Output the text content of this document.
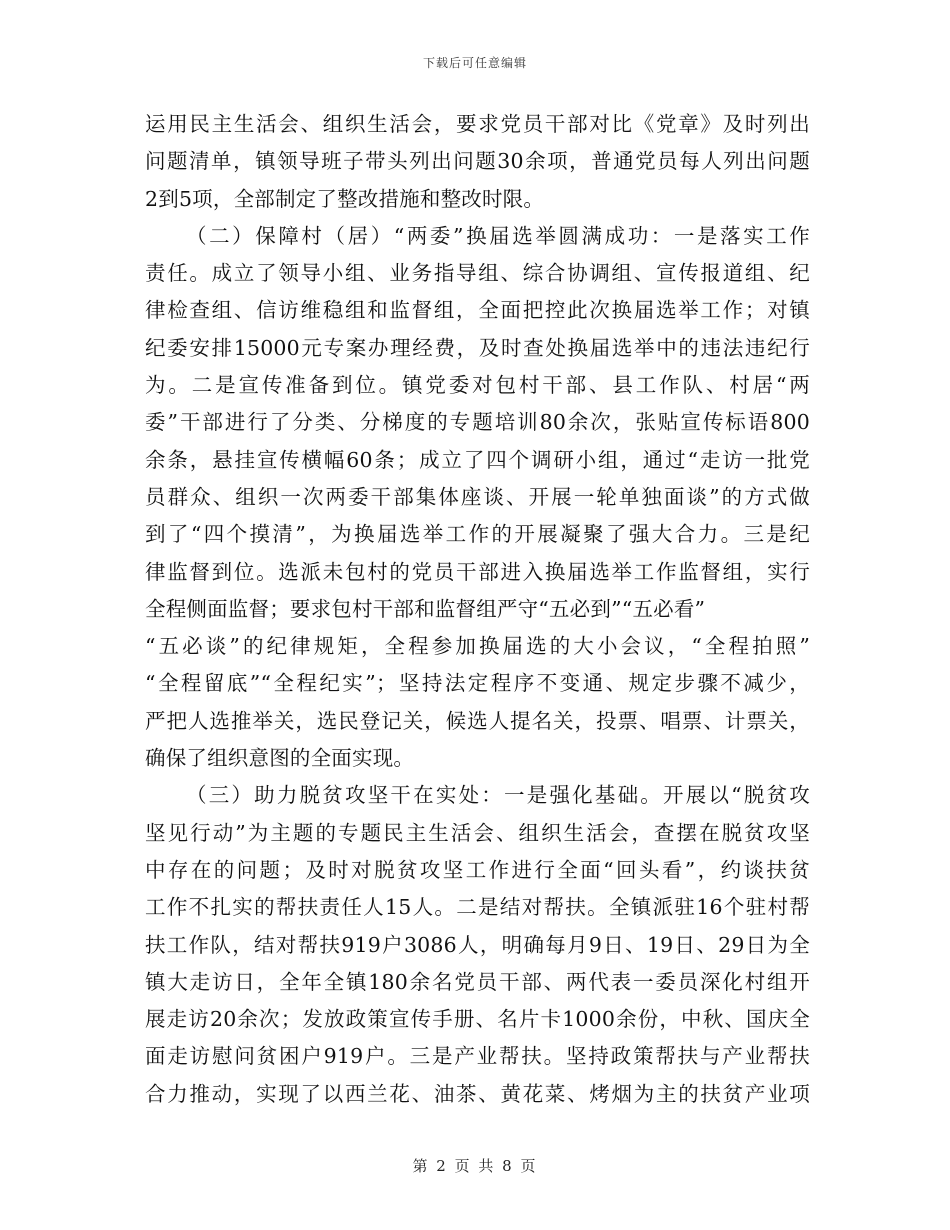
下载后可任意编辑
运用民主生活会、组织生活会，要求党员干部对比《党章》及时列出
问题清单，镇领导班子带头列出问题30余项，普通党员每人列出问题
2到5项，全部制定了整改措施和整改时限。
（二）保障村（居）“两委”换届选举圆满成功：一是落实工作
责任。成立了领导小组、业务指导组、综合协调组、宣传报道组、纪
律检查组、信访维稳组和监督组，全面把控此次换届选举工作；对镇
纪委安排15000元专案办理经费，及时查处换届选举中的违法违纪行
为。二是宣传准备到位。镇党委对包村干部、县工作队、村居“两
委”干部进行了分类、分梯度的专题培训80余次，张贴宣传标语800
余条，悬挂宣传横幅60条；成立了四个调研小组，通过“走访一批党
员群众、组织一次两委干部集体座谈、开展一轮单独面谈”的方式做
到了“四个摸清”，为换届选举工作的开展凝聚了强大合力。三是纪
律监督到位。选派未包村的党员干部进入换届选举工作监督组，实行
全程侧面监督；要求包村干部和监督组严守“五必到”“五必看”
“五必谈”的纪律规矩，全程参加换届选的大小会议，“全程拍照”
“全程留底”“全程纪实”；坚持法定程序不变通、规定步骤不减少，
严把人选推举关，选民登记关，候选人提名关，投票、唱票、计票关，
确保了组织意图的全面实现。
（三）助力脱贫攻坚干在实处：一是强化基础。开展以“脱贫攻
坚见行动”为主题的专题民主生活会、组织生活会，查摆在脱贫攻坚
中存在的问题；及时对脱贫攻坚工作进行全面“回头看”，约谈扶贫
工作不扎实的帮扶责任人15人。二是结对帮扶。全镇派驻16个驻村帮
扶工作队，结对帮扶919户3086人，明确每月9日、19日、29日为全
镇大走访日，全年全镇180余名党员干部、两代表一委员深化村组开
展走访20余次；发放政策宣传手册、名片卡1000余份，中秋、国庆全
面走访慰问贫困户919户。三是产业帮扶。坚持政策帮扶与产业帮扶
合力推动，实现了以西兰花、油茶、黄花菜、烤烟为主的扶贫产业项
第 2 页 共 8 页
